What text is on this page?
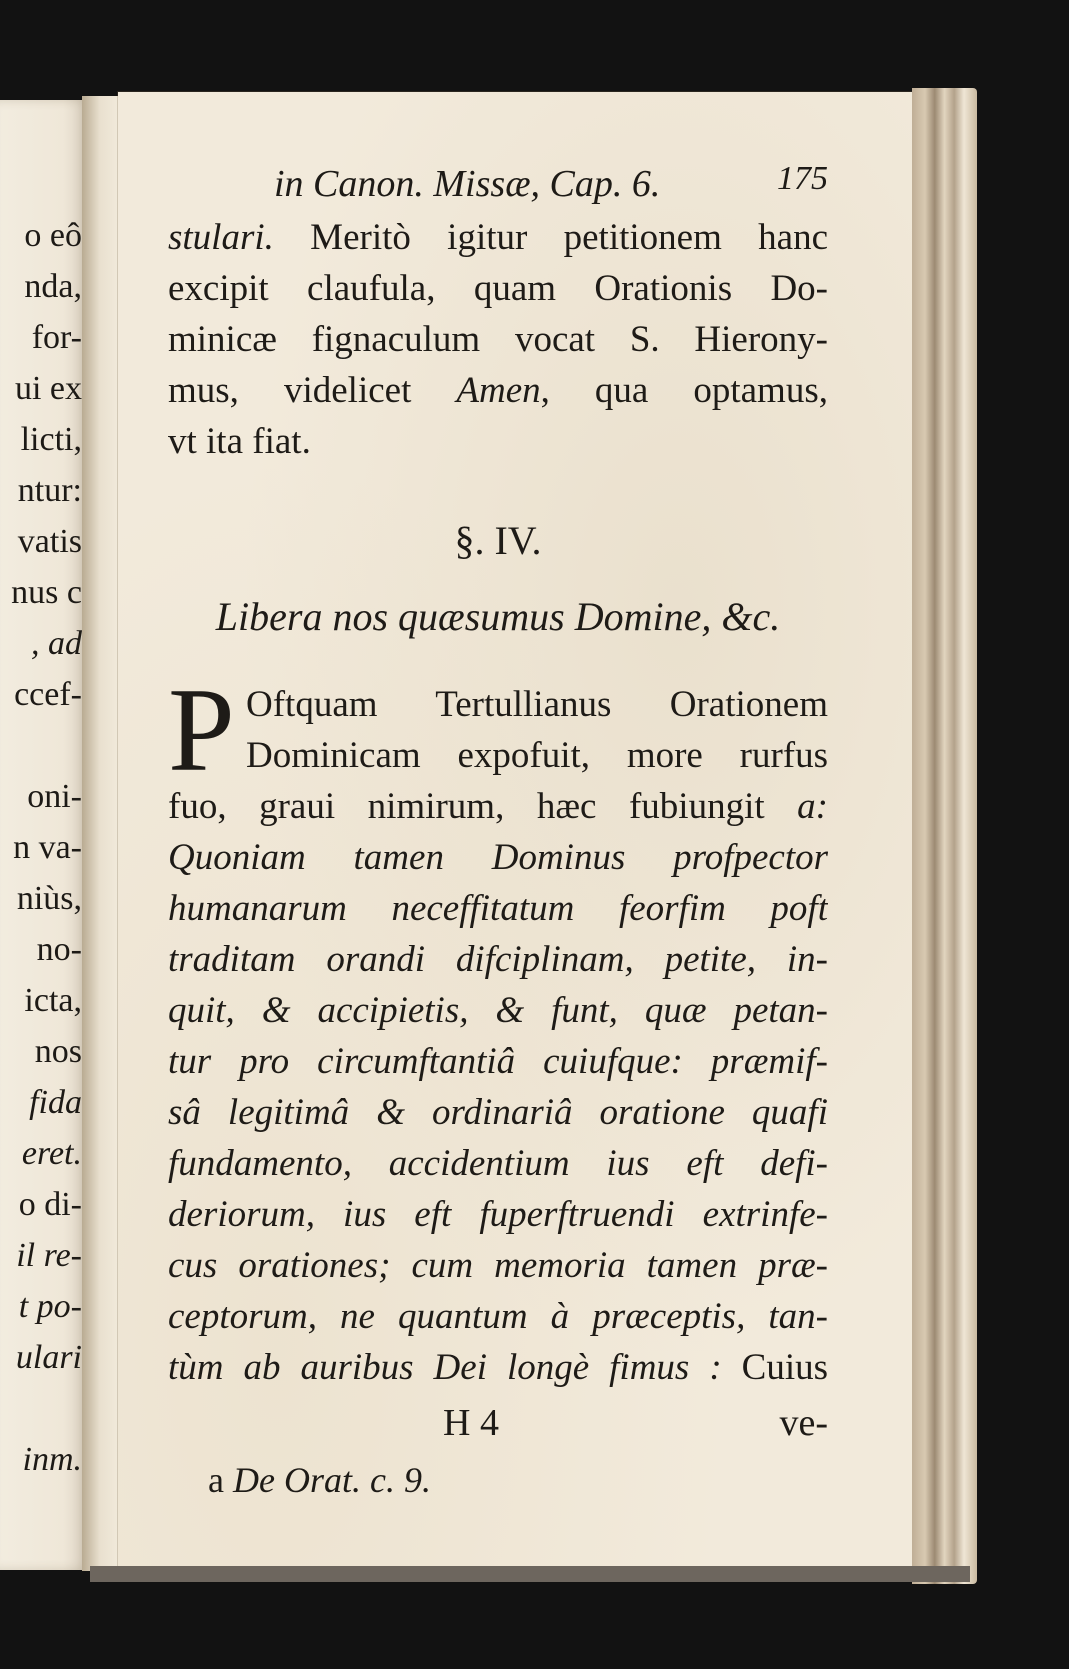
o eô
nda,
for-
ui ex
licti,
ntur:
vatis
nus c
, ad
ccef-
oni-
n va-
niùs,
no-
icta,
nos
fida
eret.
o di-
il re-
t po-
ulari
inm.
in Canon. Missæ, Cap. 6.	175
stulari. Meritò igitur petitionem hanc
excipit claufula, quam Orationis Do-
minicæ fignaculum vocat S. Hierony-
mus, videlicet Amen, qua optamus,
vt ita fiat.
§. IV.
Libera nos quæsumus Domine, &c.
P Oftquam Tertullianus Orationem
Dominicam expofuit, more rurfus
fuo, graui nimirum, hæc fubiungit a:
Quoniam tamen Dominus profpector
humanarum neceffitatum feorfim poft
traditam orandi difciplinam, petite, in-
quit, & accipietis, & funt, quæ petan-
tur pro circumftantiâ cuiufque: præmif-
sâ legitimâ & ordinariâ oratione quafi
fundamento, accidentium ius eft defi-
deriorum, ius eft fuperftruendi extrinfe-
cus orationes; cum memoria tamen præ-
ceptorum, ne quantum à præceptis, tan-
tùm ab auribus Dei longè fimus : Cuius
H 4	ve-
a De Orat. c. 9.
